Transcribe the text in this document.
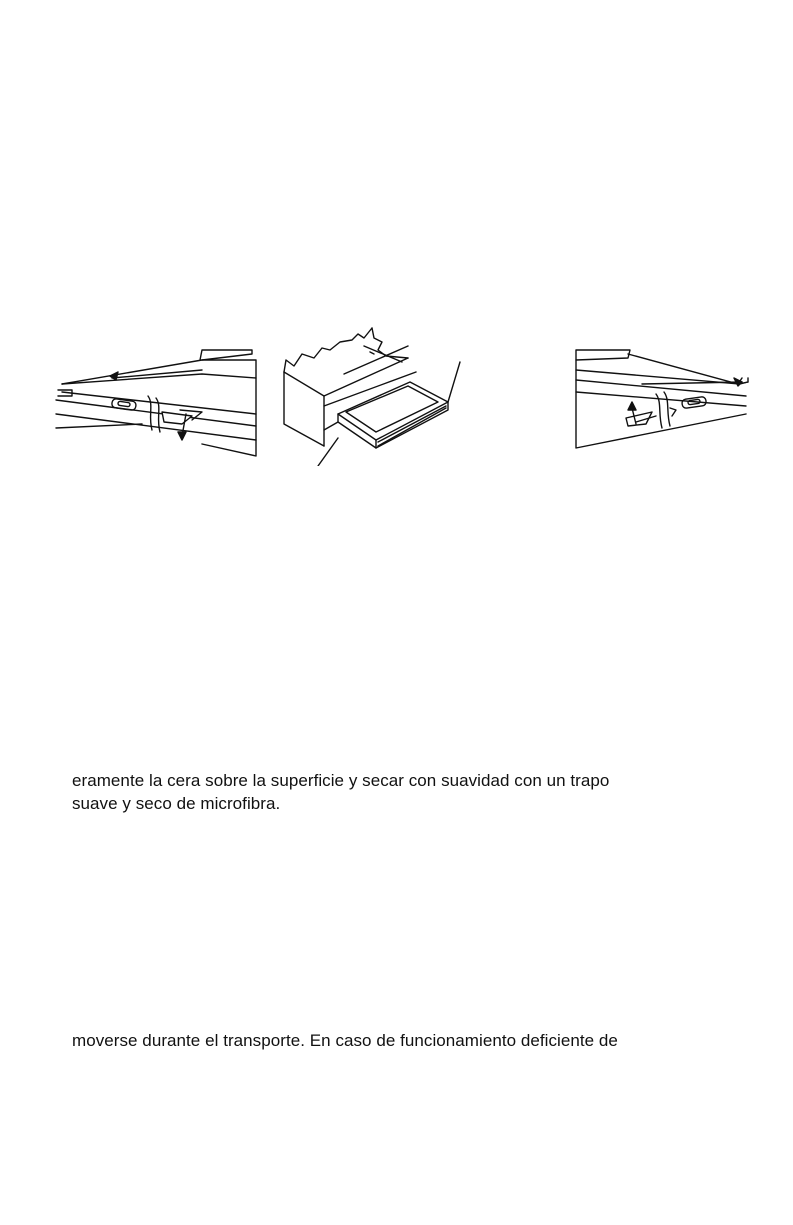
eramente la cera sobre la superficie y secar con suavidad con un trapo

suave y seco de microfibra.

moverse durante el transporte. En caso de funcionamiento deficiente de
